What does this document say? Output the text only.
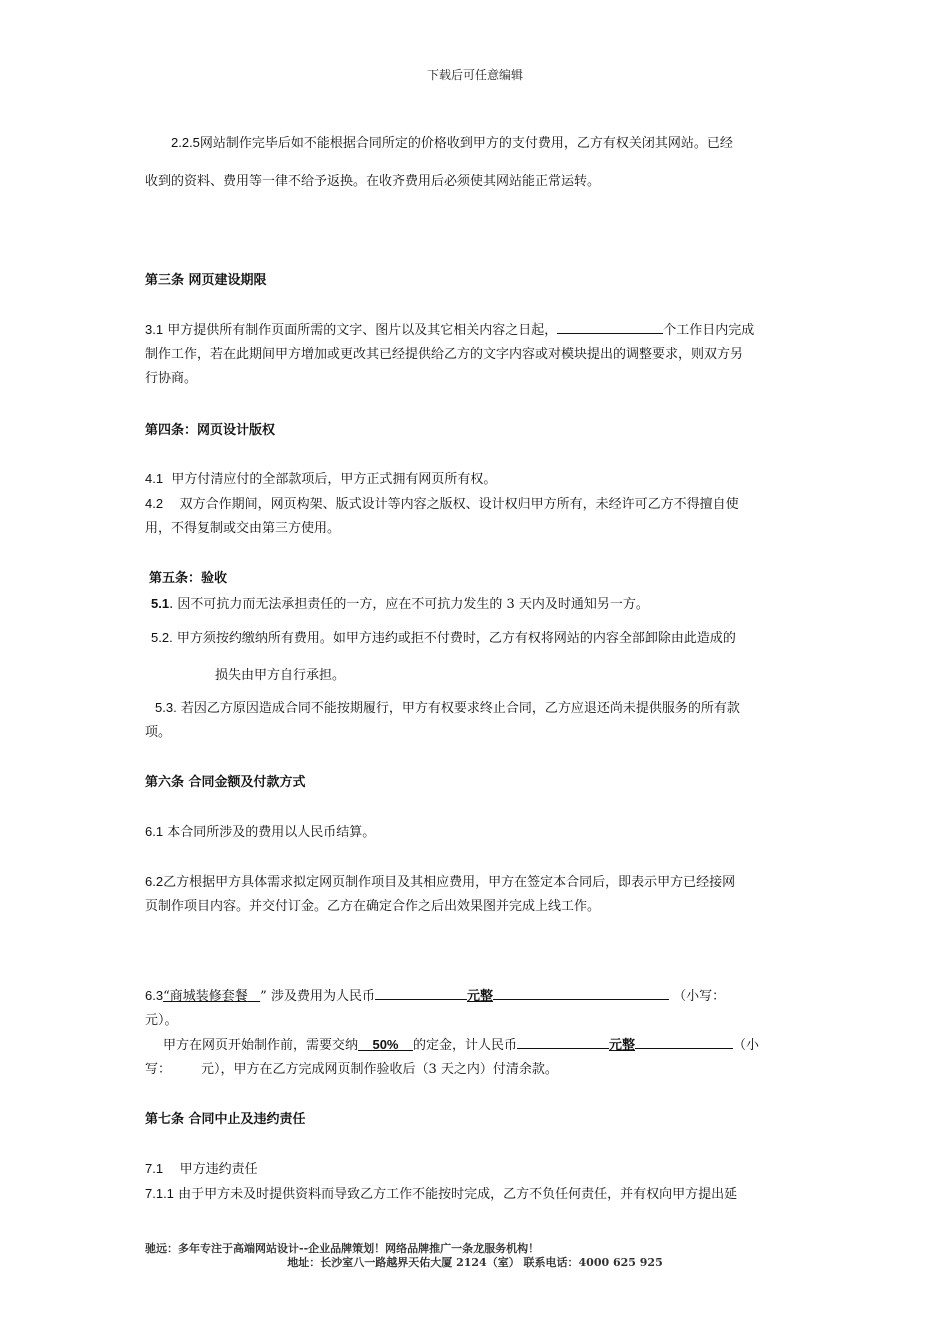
下载后可任意编辑
2.2.5网站制作完毕后如不能根据合同所定的价格收到甲方的支付费用，乙方有权关闭其网站。已经
收到的资料、费用等一律不给予返换。在收齐费用后必须使其网站能正常运转。
第三条 网页建设期限
3.1 甲方提供所有制作页面所需的文字、图片以及其它相关内容之日起，	个工作日内完成
制作工作，若在此期间甲方增加或更改其已经提供给乙方的文字内容或对模块提出的调整要求，则双方另
行协商。
第四条：网页设计版权
4.1 甲方付清应付的全部款项后，甲方正式拥有网页所有权。
4.2 双方合作期间，网页构架、版式设计等内容之版权、设计权归甲方所有，未经许可乙方不得擅自使
用，不得复制或交由第三方使用。
第五条：验收
5.1. 因不可抗力而无法承担责任的一方，应在不可抗力发生的 3 天内及时通知另一方。
5.2. 甲方须按约缴纳所有费用。如甲方违约或拒不付费时，乙方有权将网站的内容全部卸除由此造成的
损失由甲方自行承担。
5.3. 若因乙方原因造成合同不能按期履行，甲方有权要求终止合同，乙方应退还尚未提供服务的所有款
项。
第六条 合同金额及付款方式
6.1 本合同所涉及的费用以人民币结算。
6.2乙方根据甲方具体需求拟定网页制作项目及其相应费用，甲方在签定本合同后，即表示甲方已经接网
页制作项目内容。并交付订金。乙方在确定合作之后出效果图并完成上线工作。
6.3“商城装修套餐 ” 涉及费用为人民币	元整	（小写：
元）。
甲方在网页开始制作前，需要交纳 50% 的定金，计人民币	元整	（小
写： 元），甲方在乙方完成网页制作验收后（3 天之内）付清余款。
第七条 合同中止及违约责任
7.1 甲方违约责任
7.1.1 由于甲方未及时提供资料而导致乙方工作不能按时完成，乙方不负任何责任，并有权向甲方提出延
驰远：多年专注于高端网站设计--企业品牌策划！网络品牌推广一条龙服务机构！
地址：长沙室八一路越界天佑大厦 2124（室） 联系电话：4000 625 925
